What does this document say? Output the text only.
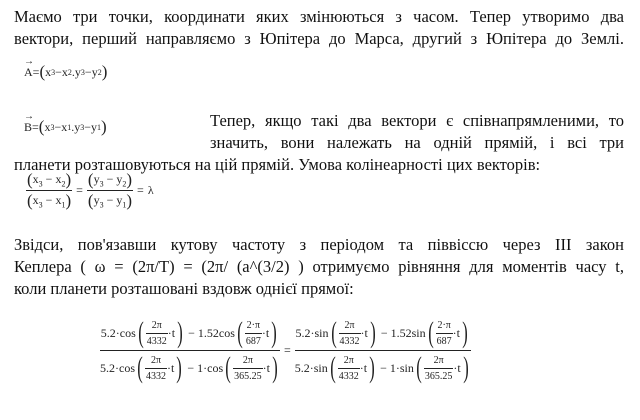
Маємо три точки, координати яких змінюються з часом. Тепер утворимо два
вектори, перший направляємо з Юпітера до Марса, другий з Юпітера до Землі.
→
A = ( x 3 − x 2 . y 3 − y 2 )
→
B = ( x 3 − x 1 . y 3 − y 1 )	Тепер, якщо такі два вектори є співнапрямленими, то
значить, вони належать на одній прямій, і всі три
планети розташовуються на цій прямій. Умова колінеарності цих векторів:
$\frac{(x_3 - x_2)}{(x_3 - x_1)} = \frac{(y_3 - y_2)}{(y_3 - y_1)} = \lambda$
Звідси, пов'язавши кутову частоту з періодом та піввіссю через III закон
Кеплера ( ω = (2π/T) = (2π/ (a^(3/2) ) отримуємо рівняння для моментів часу t,
коли планети розташовані вздовж однієї прямої:
5.2 · cos ( $\frac{2\pi}{4332} \cdot t$ ) − 1.52 cos ( $\frac{2\cdot\pi}{687} \cdot t$ )
5.2 · cos ( $\frac{2\pi}{4332} \cdot t$ ) − 1 · cos ( $\frac{2\pi}{365.25} \cdot t$ )
=
5.2 · sin ( $\frac{2\pi}{4332} \cdot t$ ) − 1.52 sin ( $\frac{2\cdot\pi}{687} \cdot t$ )
5.2 · sin ( $\frac{2\pi}{4332} \cdot t$ ) − 1 · sin ( $\frac{2\pi}{365.25} \cdot t$ )
